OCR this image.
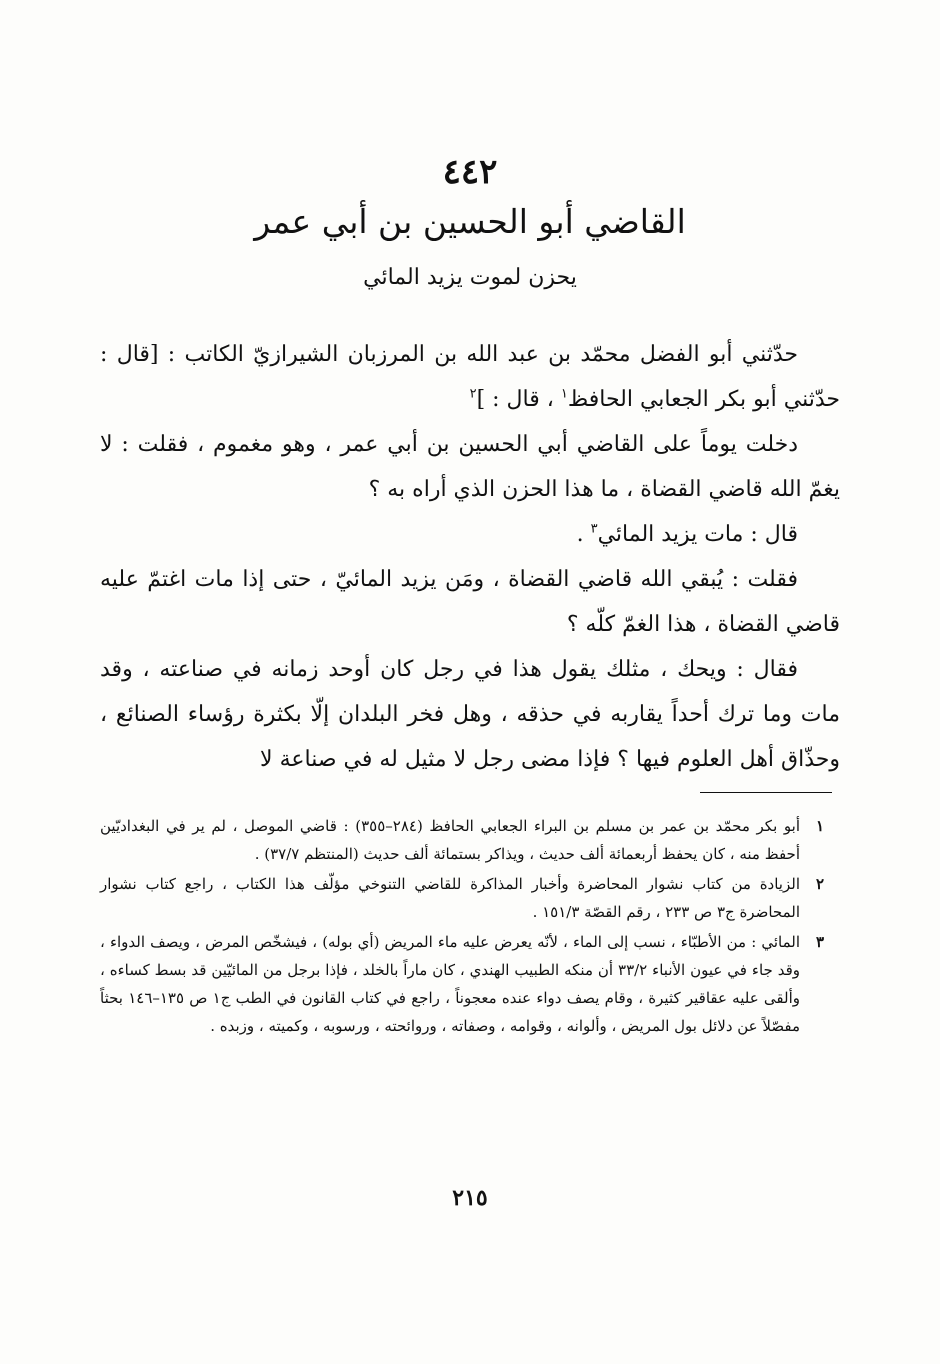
٤٤٢
القاضي أبو الحسين بن أبي عمر
يحزن لموت يزيد المائي

حدّثني أبو الفضل محمّد بن عبد الله بن المرزبان الشيرازيّ الكاتب : [قال : حدّثني أبو بكر الجعابي الحافظ$^١$ ، قال : ]$^٢$

دخلت يوماً على القاضي أبي الحسين بن أبي عمر ، وهو مغموم ، فقلت : لا يغمّ الله قاضي القضاة ، ما هذا الحزن الذي أراه به ؟

قال : مات يزيد المائي$^٣$ .

فقلت : يُبقي الله قاضي القضاة ، ومَن يزيد المائيّ ، حتى إذا مات اغتمّ عليه قاضي القضاة ، هذا الغمّ كلّه ؟

فقال : ويحك ، مثلك يقول هذا في رجل كان أوحد زمانه في صناعته ، وقد مات وما ترك أحداً يقاربه في حذقه ، وهل فخر البلدان إلّا بكثرة رؤساء الصنائع ، وحذّاق أهل العلوم فيها ؟ فإذا مضى رجل لا مثيل له في صناعة لا

١
أبو بكر محمّد بن عمر بن مسلم بن البراء الجعابي الحافظ (٢٨٤–٣٥٥) : قاضي الموصل ، لم ير في البغداديّين أحفظ منه ، كان يحفظ أربعمائة ألف حديث ، ويذاكر بستمائة ألف حديث (المنتظم ٣٧/٧) .
٢
الزيادة من كتاب نشوار المحاضرة وأخبار المذاكرة للقاضي التنوخي مؤلّف هذا الكتاب ، راجع كتاب نشوار المحاضرة ج٣ ص ٢٣٣ ، رقم القصّة ١٥١/٣ .
٣
المائي : من الأطبّاء ، نسب إلى الماء ، لأنّه يعرض عليه ماء المريض (أي بوله) ، فيشخّص المرض ، ويصف الدواء ، وقد جاء في عيون الأنباء ٣٣/٢ أن منكه الطبيب الهندي ، كان ماراً بالخلد ، فإذا برجل من المائيّين قد بسط كساءه ، وألقى عليه عقاقير كثيرة ، وقام يصف دواء عنده معجوناً ، راجع في كتاب القانون في الطب ج١ ص ١٣٥–١٤٦ بحثاً مفصّلاً عن دلائل بول المريض ، وألوانه ، وقوامه ، وصفاته ، وروائحته ، ورسوبه ، وكميته ، وزبده .
٢١٥
